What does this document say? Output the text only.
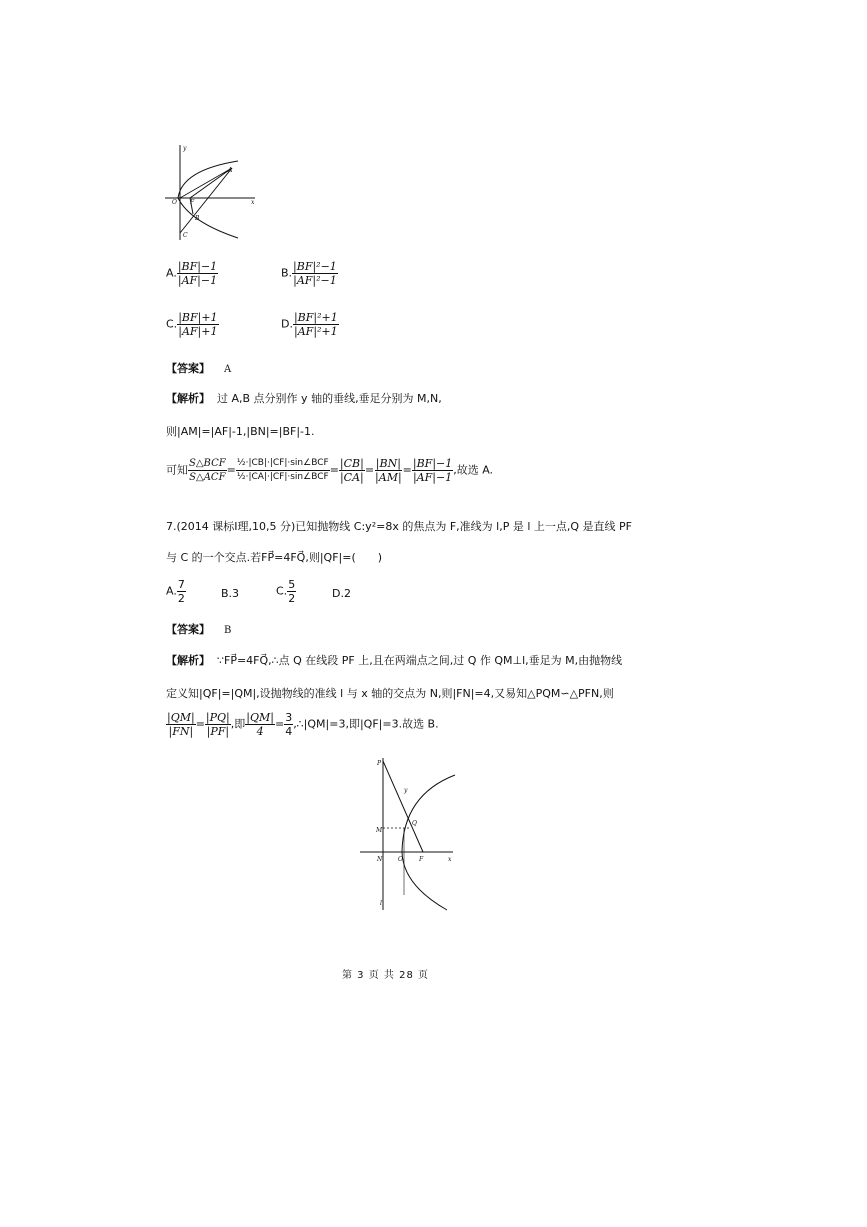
y
x
O F
A
B
C
A. $\frac{|BF|-1}{|AF|-1}$	B. $\frac{\text{|BF|²−1}}{\text{|AF|²−1}}$
C. $\frac{|BF|+1}{|AF|+1}$	D. $\frac{\text{|BF|²+1}}{\text{|AF|²+1}}$
【答案】 A
【解析】 过 A,B 点分别作 y 轴的垂线,垂足分别为 M,N,
则|AM|=|AF|-1,|BN|=|BF|-1.
可知 $\frac{\text{S△BCF}}{\text{S△ACF}} = \frac{\text{½·|CB|·|CF|·sin∠BCF}}{\text{½·|CA|·|CF|·sin∠BCF}} = \frac{|CB|}{|CA|} = \frac{|BN|}{|AM|} = \frac{|BF|-1}{|AF|-1}$ ,故选 A.
7.(2014 课标Ⅰ理,10,5 分)已知抛物线 C:y²=8x 的焦点为 F,准线为 l,P 是 l 上一点,Q 是直线 PF
与 C 的一个交点.若FP⃗=4FQ⃗,则|QF|=(　　)
A. $\frac{7}{2}$	B.3	C. $\frac{5}{2}$	D.2
【答案】 B
【解析】 ∵FP⃗=4FQ⃗,∴点 Q 在线段 PF 上,且在两端点之间,过 Q 作 QM⊥l,垂足为 M,由抛物线
定义知|QF|=|QM|,设抛物线的准线 l 与 x 轴的交点为 N,则|FN|=4,又易知△PQM∽△PFN,则
$\frac{|QM|}{|FN|} = \frac{|PQ|}{|PF|}$ ,即 $\frac{|QM|}{4} = \frac{3}{4}$ ,∴|QM|=3,即|QF|=3.故选 B.
P
y
M
Q
N	O	F	x
l
第 3 页 共 28 页
